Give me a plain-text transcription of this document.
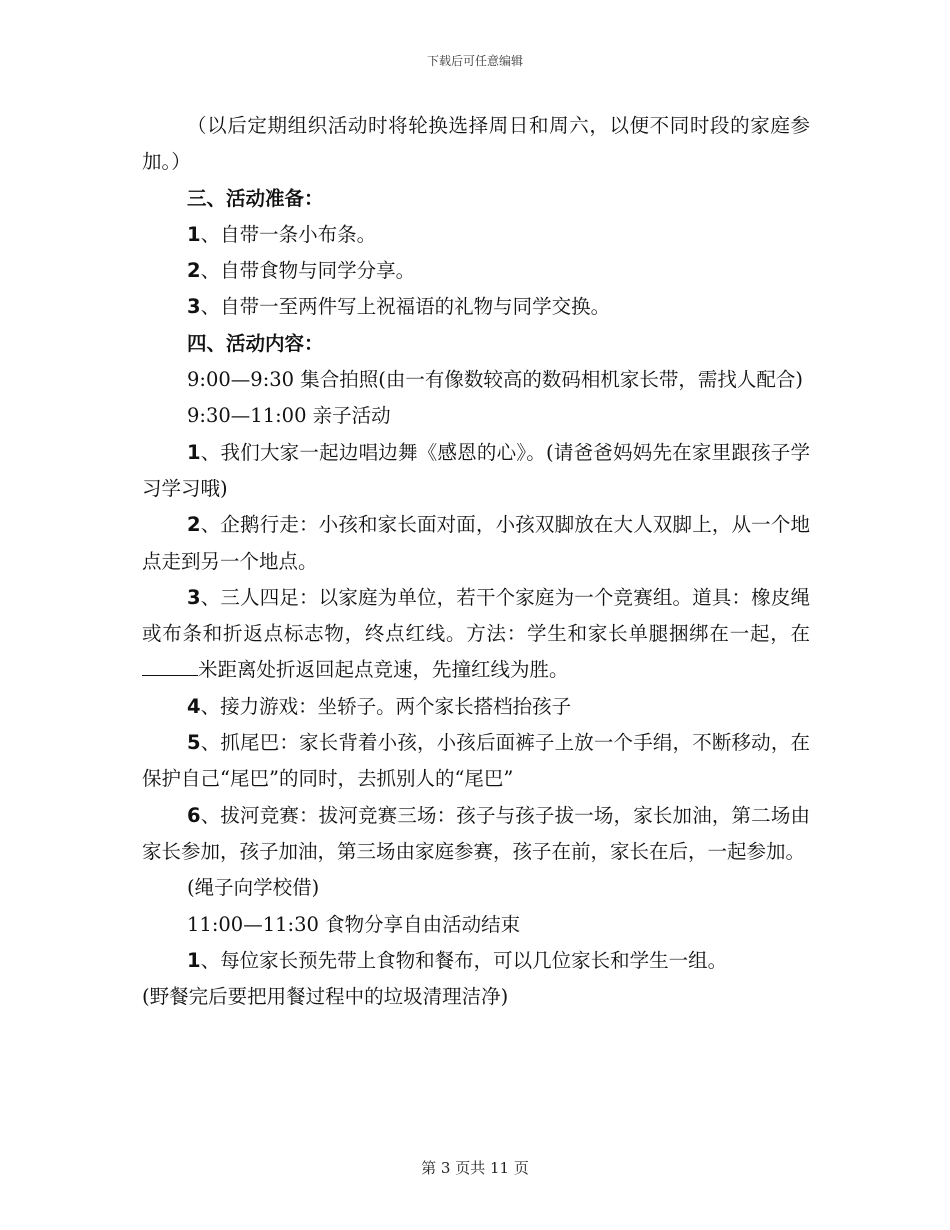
下载后可任意编辑

（以后定期组织活动时将轮换选择周日和周六，以便不同时段的家庭参加。）

三、活动准备：

1、自带一条小布条。

2、自带食物与同学分享。

3、自带一至两件写上祝福语的礼物与同学交换。

四、活动内容：

9:00—9:30 集合拍照(由一有像数较高的数码相机家长带，需找人配合)

9:30—11:00 亲子活动

1、我们大家一起边唱边舞《感恩的心》。(请爸爸妈妈先在家里跟孩子学习学习哦)

2、企鹅行走：小孩和家长面对面，小孩双脚放在大人双脚上，从一个地点走到另一个地点。

3、三人四足：以家庭为单位，若干个家庭为一个竞赛组。道具：橡皮绳或布条和折返点标志物，终点红线。方法：学生和家长单腿捆绑在一起，在米距离处折返回起点竞速，先撞红线为胜。

4、接力游戏：坐轿子。两个家长搭档抬孩子

5、抓尾巴：家长背着小孩，小孩后面裤子上放一个手绢，不断移动，在保护自己“尾巴”的同时，去抓别人的“尾巴”

6、拔河竞赛：拔河竞赛三场：孩子与孩子拔一场，家长加油，第二场由家长参加，孩子加油，第三场由家庭参赛，孩子在前，家长在后，一起参加。

(绳子向学校借)

11:00—11:30 食物分享自由活动结束

1、每位家长预先带上食物和餐布，可以几位家长和学生一组。

(野餐完后要把用餐过程中的垃圾清理洁净)

第 3 页共 11 页
